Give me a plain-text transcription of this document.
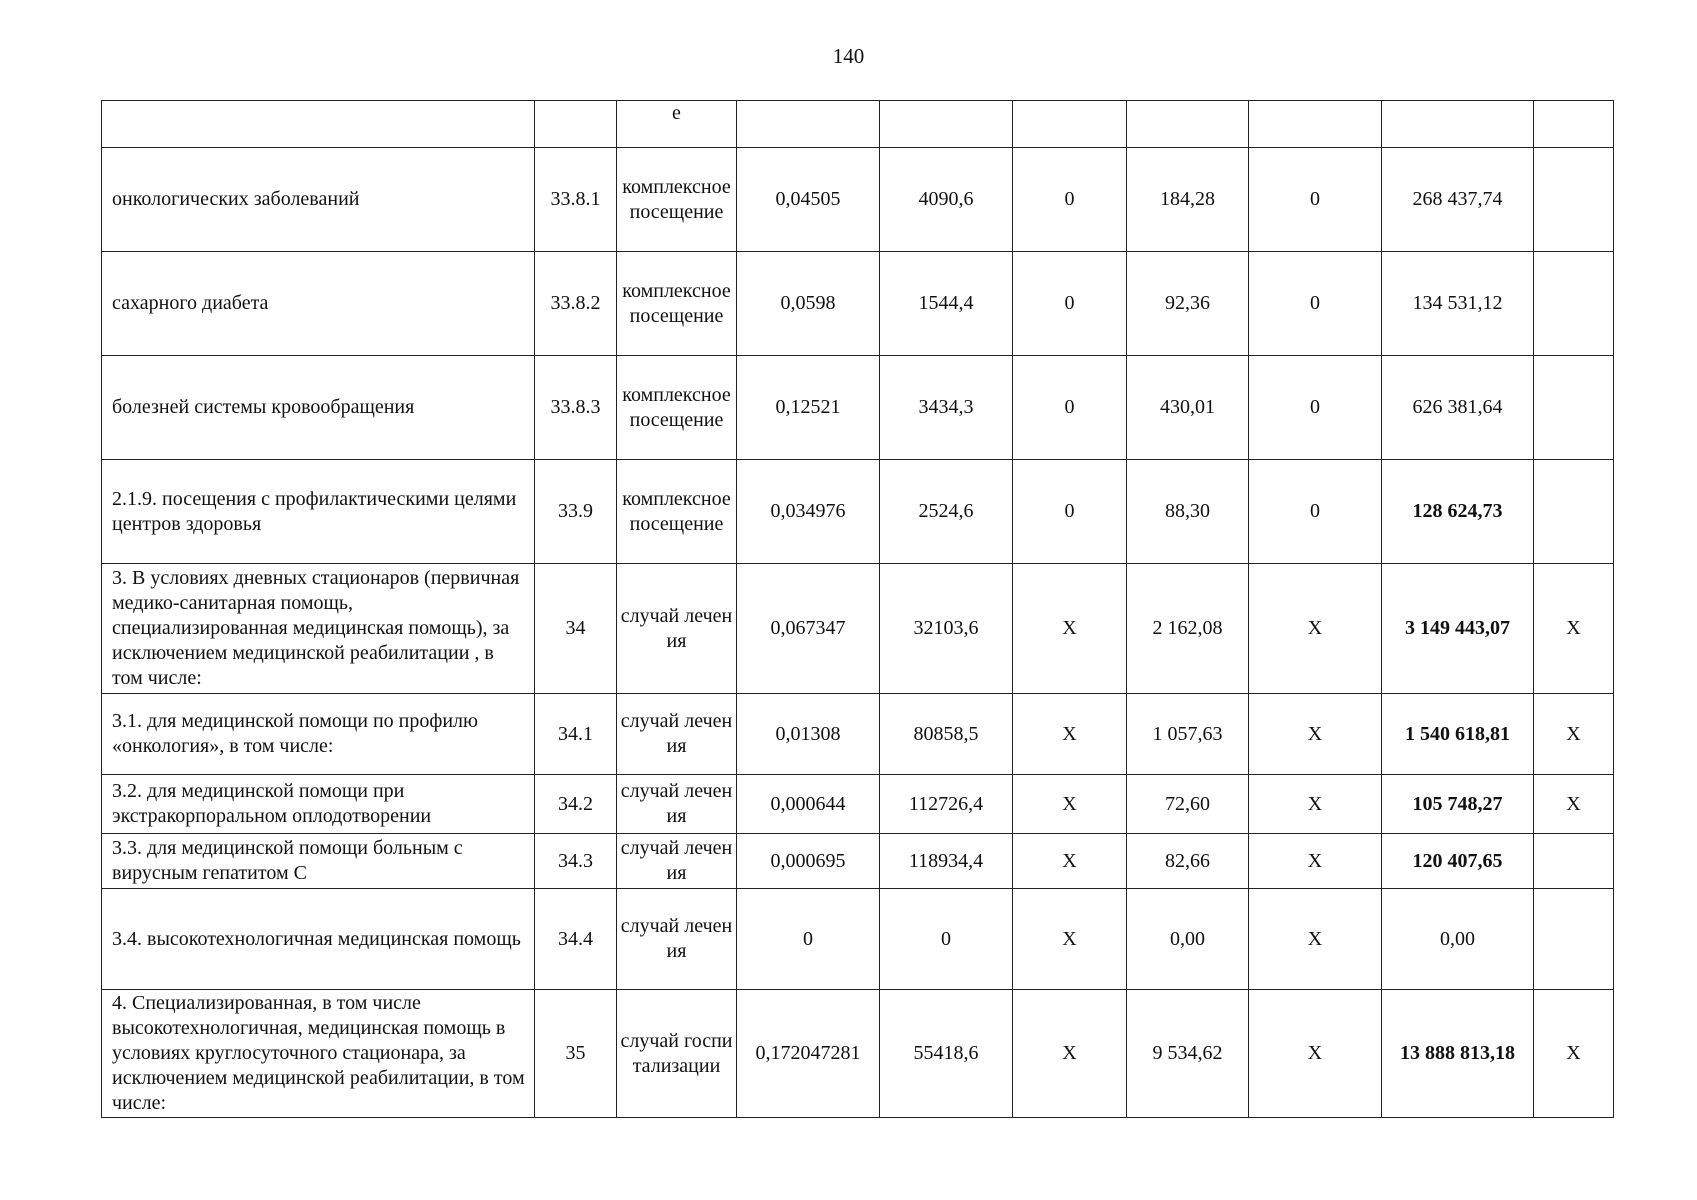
140
		е							
онкологических заболеваний	33.8.1	комплексное посещение	0,04505	4090,6	0	184,28	0	268 437,74	
сахарного диабета	33.8.2	комплексное посещение	0,0598	1544,4	0	92,36	0	134 531,12	
болезней системы кровообращения	33.8.3	комплексное посещение	0,12521	3434,3	0	430,01	0	626 381,64	
2.1.9. посещения с профилактическими целями центров здоровья	33.9	комплексное посещение	0,034976	2524,6	0	88,30	0	128 624,73	
3. В условиях дневных стационаров (первичная медико-санитарная помощь, специализированная медицинская помощь), за исключением медицинской реабилитации , в том числе:	34	случай лечения	0,067347	32103,6	Х	2 162,08	Х	3 149 443,07	Х
3.1. для медицинской помощи по профилю «онкология», в том числе:	34.1	случай лечения	0,01308	80858,5	Х	1 057,63	Х	1 540 618,81	Х
3.2. для медицинской помощи при экстракорпоральном оплодотворении	34.2	случай лечения	0,000644	112726,4	Х	72,60	Х	105 748,27	Х
3.3. для медицинской помощи больным с вирусным гепатитом С	34.3	случай лечения	0,000695	118934,4	Х	82,66	Х	120 407,65	
3.4. высокотехнологичная медицинская помощь	34.4	случай лечения	0	0	Х	0,00	Х	0,00	
4. Специализированная, в том числе высокотехнологичная, медицинская помощь в условиях круглосуточного стационара, за исключением медицинской реабилитации, в том числе:	35	случай госпитализации	0,172047281	55418,6	Х	9 534,62	Х	13 888 813,18	Х
